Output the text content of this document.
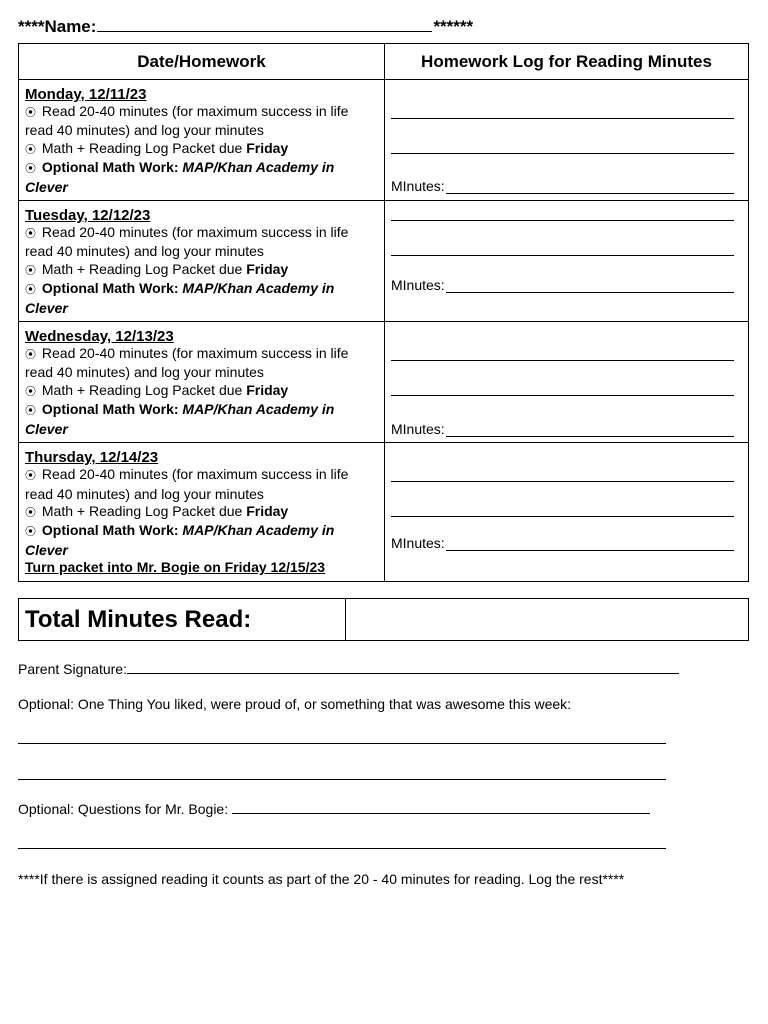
****Name:	******
Date/Homework	Homework Log for Reading Minutes

Monday, 12/11/23
⦿ Read 20-40 minutes (for maximum success in life read 40 minutes) and log your minutes
⦿ Math + Reading Log Packet due Friday
⦿ Optional Math Work: MAP/Khan Academy in Clever	MInutes:

Tuesday, 12/12/23
⦿ Read 20-40 minutes (for maximum success in life read 40 minutes) and log your minutes
⦿ Math + Reading Log Packet due Friday
⦿ Optional Math Work: MAP/Khan Academy in Clever	MInutes:

Wednesday, 12/13/23
⦿ Read 20-40 minutes (for maximum success in life read 40 minutes) and log your minutes
⦿ Math + Reading Log Packet due Friday
⦿ Optional Math Work: MAP/Khan Academy in Clever	MInutes:

Thursday, 12/14/23
⦿ Read 20-40 minutes (for maximum success in life read 40 minutes) and log your minutes
⦿ Math + Reading Log Packet due Friday
⦿ Optional Math Work: MAP/Khan Academy in Clever
Turn packet into Mr. Bogie on Friday 12/15/23	MInutes:
Total Minutes Read:	
Parent Signature:
Optional: One Thing You liked, were proud of, or something that was awesome this week:
Optional: Questions for Mr. Bogie:
****If there is assigned reading it counts as part of the 20 - 40 minutes for reading. Log the rest****
